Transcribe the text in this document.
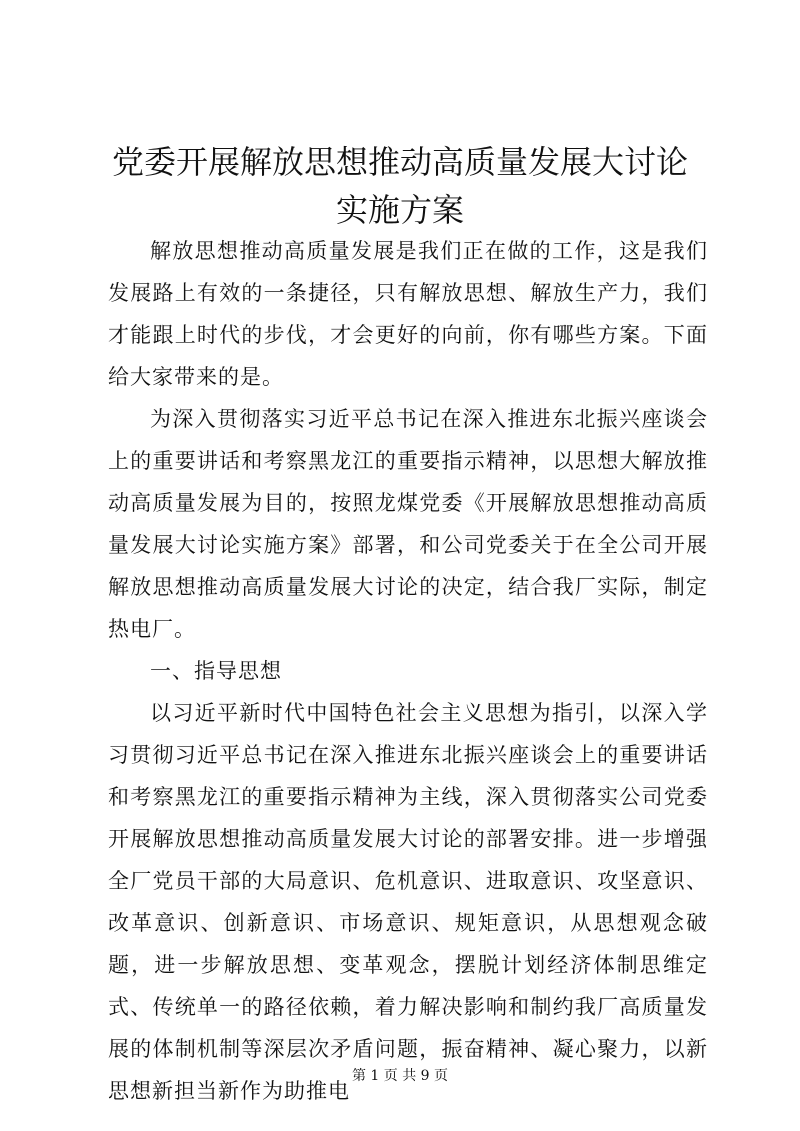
党委开展解放思想推动高质量发展大讨论实施方案

解放思想推动高质量发展是我们正在做的工作，这是我们发展路上有效的一条捷径，只有解放思想、解放生产力，我们才能跟上时代的步伐，才会更好的向前，你有哪些方案。下面给大家带来的是。

为深入贯彻落实习近平总书记在深入推进东北振兴座谈会上的重要讲话和考察黑龙江的重要指示精神，以思想大解放推动高质量发展为目的，按照龙煤党委《开展解放思想推动高质量发展大讨论实施方案》部署，和公司党委关于在全公司开展解放思想推动高质量发展大讨论的决定，结合我厂实际，制定热电厂。

一、指导思想

以习近平新时代中国特色社会主义思想为指引，以深入学习贯彻习近平总书记在深入推进东北振兴座谈会上的重要讲话和考察黑龙江的重要指示精神为主线，深入贯彻落实公司党委开展解放思想推动高质量发展大讨论的部署安排。进一步增强全厂党员干部的大局意识、危机意识、进取意识、攻坚意识、改革意识、创新意识、市场意识、规矩意识，从思想观念破题，进一步解放思想、变革观念，摆脱计划经济体制思维定式、传统单一的路径依赖，着力解决影响和制约我厂高质量发展的体制机制等深层次矛盾问题，振奋精神、凝心聚力，以新思想新担当新作为助推电

第 1 页 共 9 页
